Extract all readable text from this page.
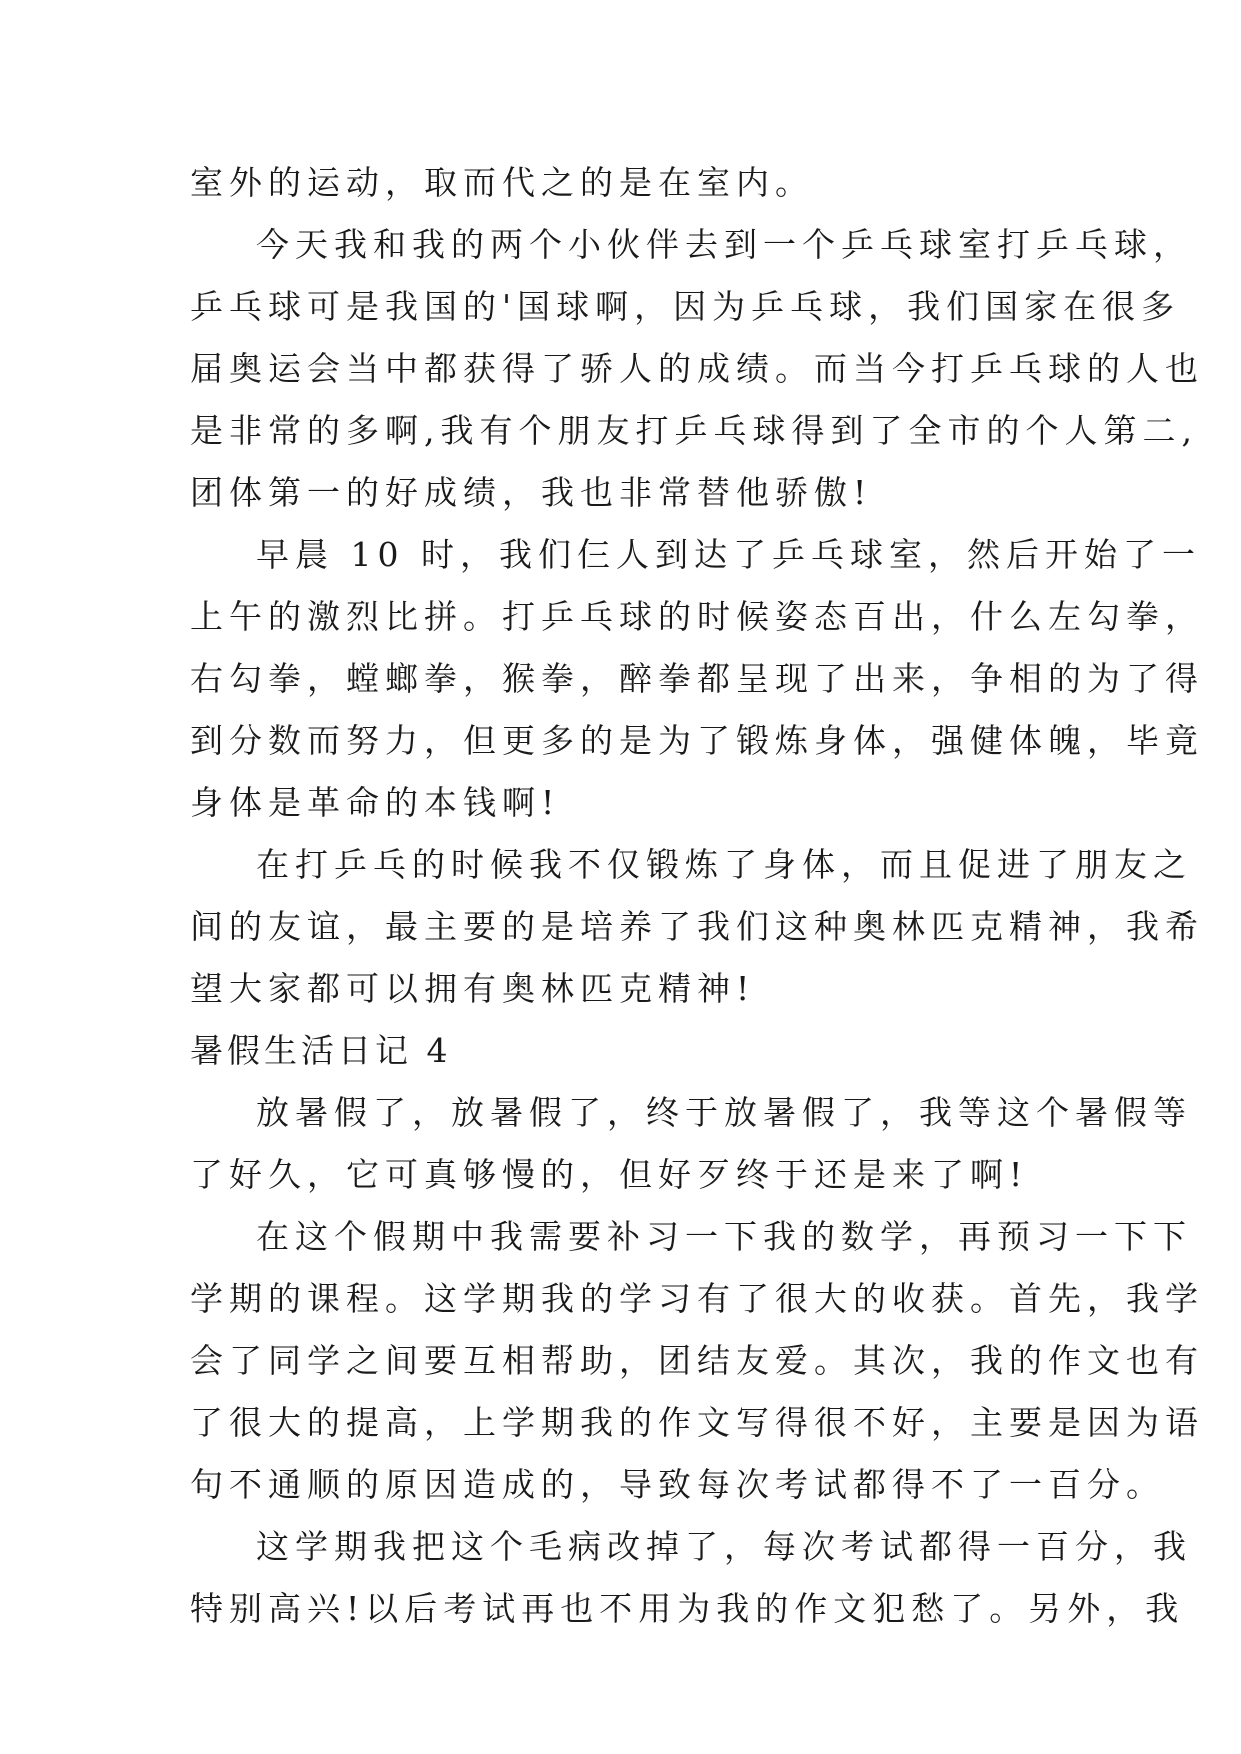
室外的运动，取而代之的是在室内。
今天我和我的两个小伙伴去到一个乒乓球室打乒乓球，
乒乓球可是我国的'国球啊，因为乒乓球，我们国家在很多
届奥运会当中都获得了骄人的成绩。而当今打乒乓球的人也
是非常的多啊,我有个朋友打乒乓球得到了全市的个人第二,
团体第一的好成绩，我也非常替他骄傲!
早晨 10 时，我们仨人到达了乒乓球室，然后开始了一
上午的激烈比拼。打乒乓球的时候姿态百出，什么左勾拳，
右勾拳，螳螂拳，猴拳，醉拳都呈现了出来，争相的为了得
到分数而努力，但更多的是为了锻炼身体，强健体魄，毕竟
身体是革命的本钱啊!
在打乒乓的时候我不仅锻炼了身体，而且促进了朋友之
间的友谊，最主要的是培养了我们这种奥林匹克精神，我希
望大家都可以拥有奥林匹克精神!
暑假生活日记 4
放暑假了，放暑假了，终于放暑假了，我等这个暑假等
了好久，它可真够慢的，但好歹终于还是来了啊!
在这个假期中我需要补习一下我的数学，再预习一下下
学期的课程。这学期我的学习有了很大的收获。首先，我学
会了同学之间要互相帮助，团结友爱。其次，我的作文也有
了很大的提高，上学期我的作文写得很不好，主要是因为语
句不通顺的原因造成的，导致每次考试都得不了一百分。
这学期我把这个毛病改掉了，每次考试都得一百分，我
特别高兴!以后考试再也不用为我的作文犯愁了。另外，我
